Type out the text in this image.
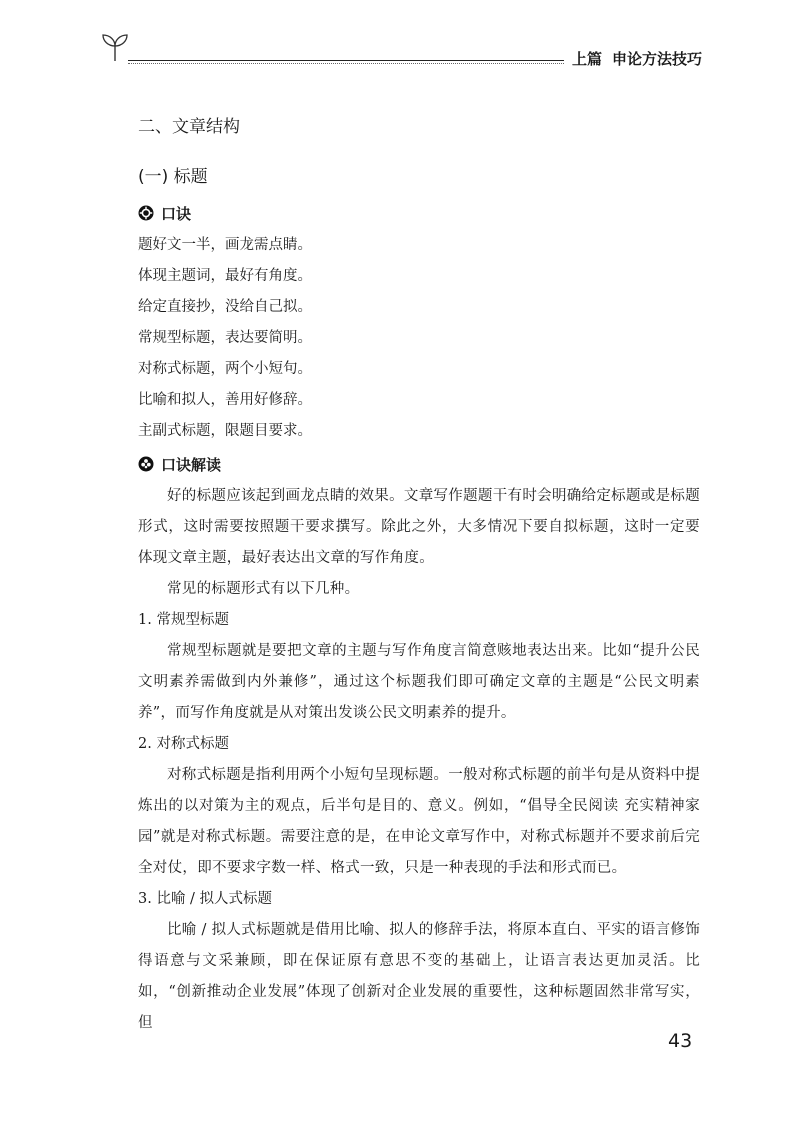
上篇 申论方法技巧
二、文章结构
(一) 标题
口诀

题好文一半，画龙需点睛。

体现主题词，最好有角度。

给定直接抄，没给自己拟。

常规型标题，表达要简明。

对称式标题，两个小短句。

比喻和拟人，善用好修辞。

主副式标题，限题目要求。

口诀解读

好的标题应该起到画龙点睛的效果。文章写作题题干有时会明确给定标题或是标题形式，这时需要按照题干要求撰写。除此之外，大多情况下要自拟标题，这时一定要体现文章主题，最好表达出文章的写作角度。

常见的标题形式有以下几种。

1. 常规型标题

常规型标题就是要把文章的主题与写作角度言简意赅地表达出来。比如“提升公民文明素养需做到内外兼修”，通过这个标题我们即可确定文章的主题是“公民文明素养”，而写作角度就是从对策出发谈公民文明素养的提升。

2. 对称式标题

对称式标题是指利用两个小短句呈现标题。一般对称式标题的前半句是从资料中提炼出的以对策为主的观点，后半句是目的、意义。例如，“倡导全民阅读 充实精神家园”就是对称式标题。需要注意的是，在申论文章写作中，对称式标题并不要求前后完全对仗，即不要求字数一样、格式一致，只是一种表现的手法和形式而已。

3. 比喻 / 拟人式标题

比喻 / 拟人式标题就是借用比喻、拟人的修辞手法，将原本直白、平实的语言修饰得语意与文采兼顾，即在保证原有意思不变的基础上，让语言表达更加灵活。比如，“创新推动企业发展”体现了创新对企业发展的重要性，这种标题固然非常写实，但

43
